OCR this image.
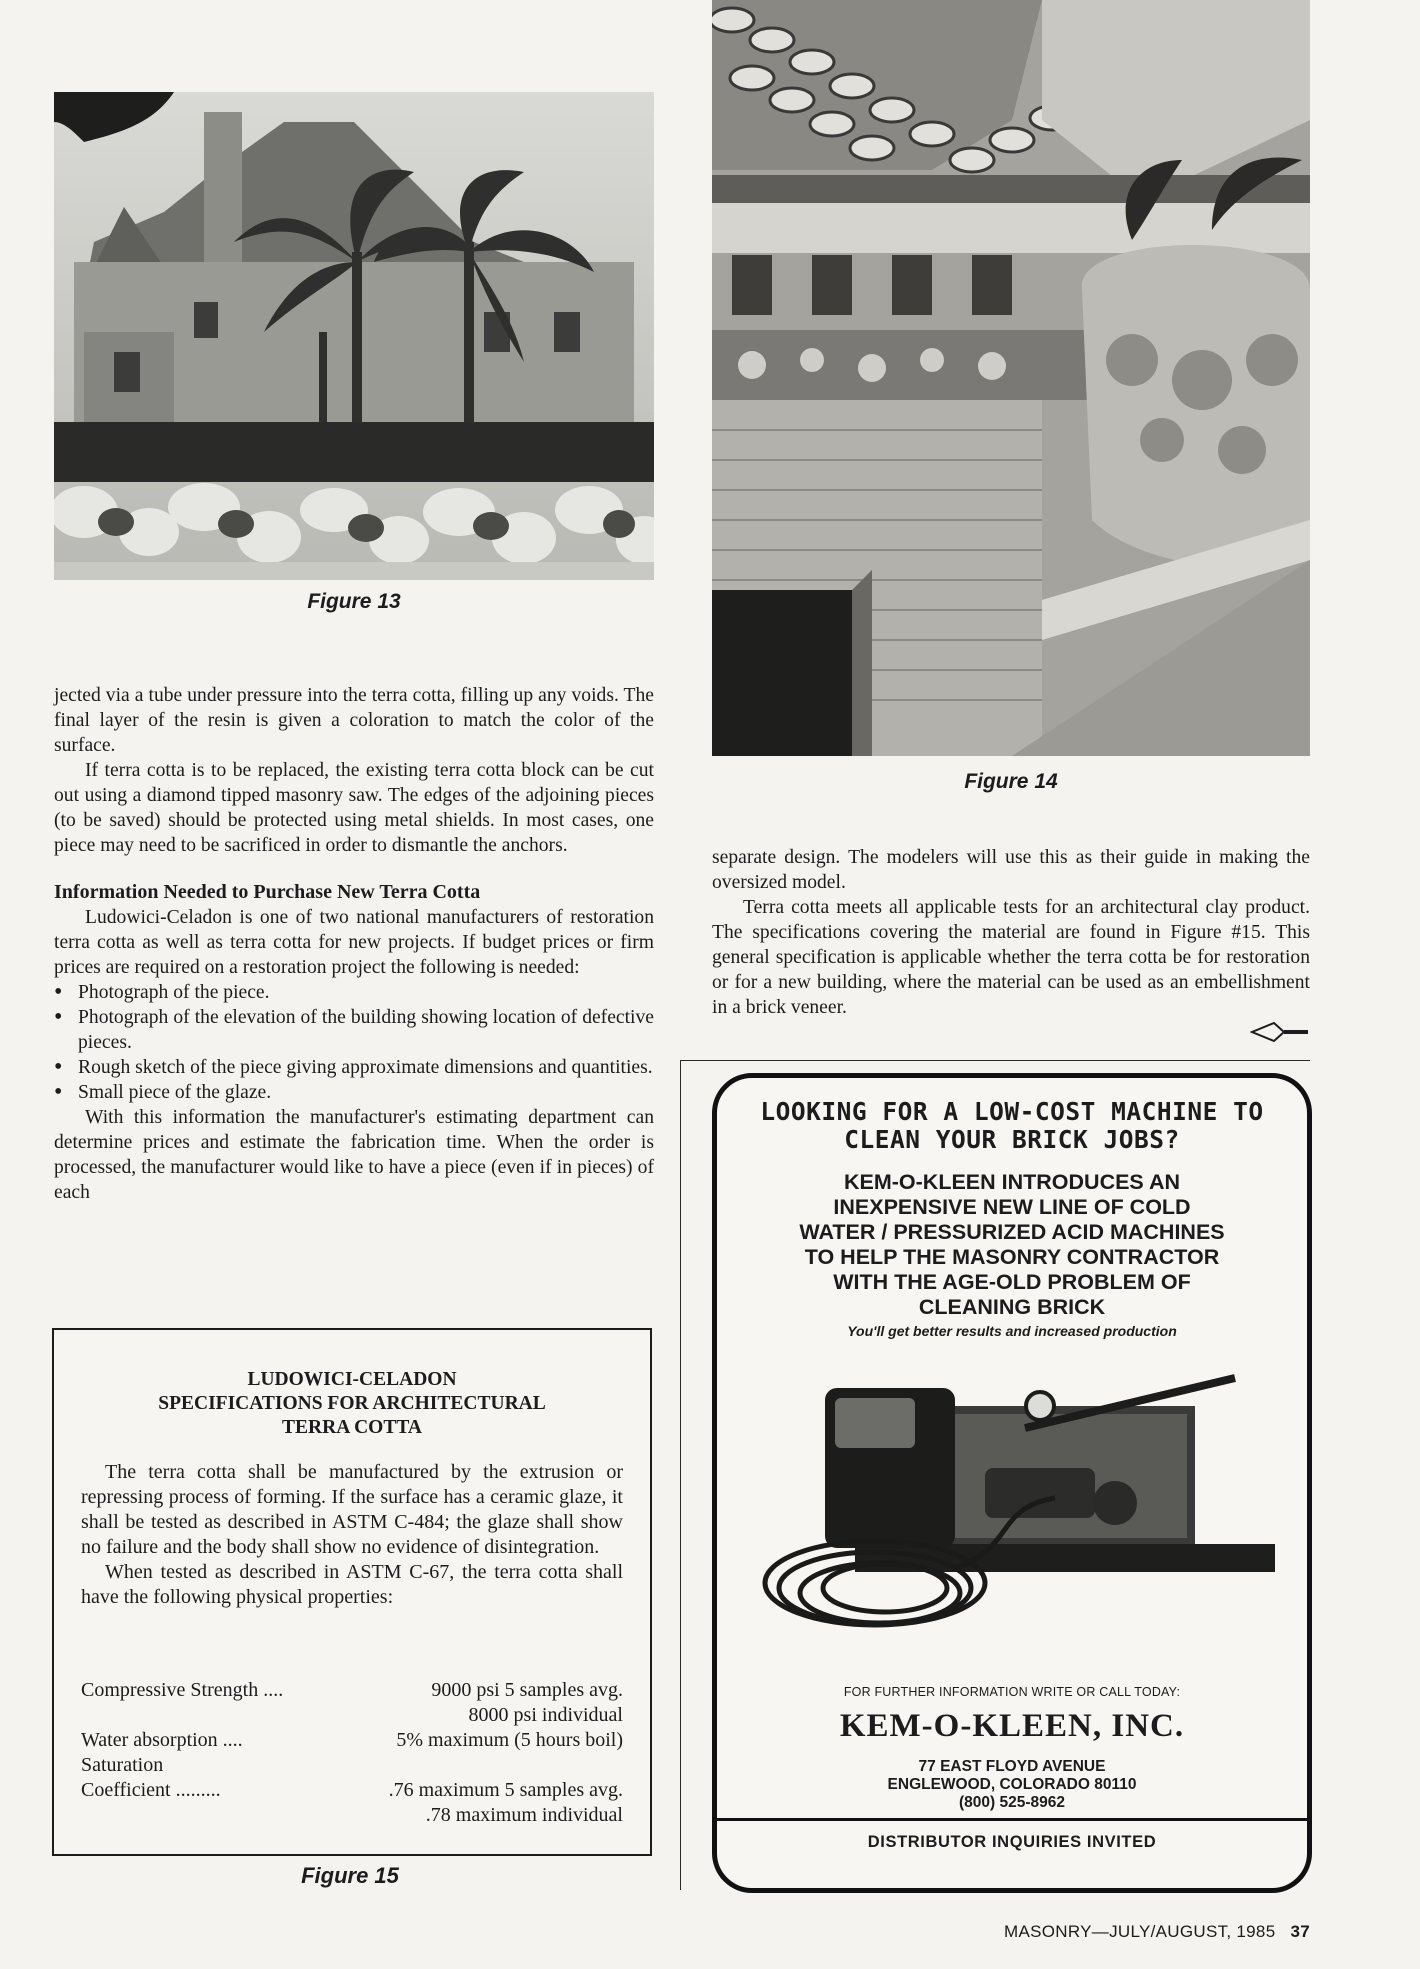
Figure 13
Figure 14

jected via a tube under pressure into the terra cotta, filling up any voids. The final layer of the resin is given a coloration to match the color of the surface.

If terra cotta is to be replaced, the existing terra cotta block can be cut out using a diamond tipped masonry saw. The edges of the adjoining pieces (to be saved) should be protected using metal shields. In most cases, one piece may need to be sacrificed in order to dismantle the anchors.

Information Needed to Purchase New Terra Cotta

Ludowici-Celadon is one of two national manufacturers of restoration terra cotta as well as terra cotta for new projects. If budget prices or firm prices are required on a restoration project the following is needed:

• Photograph of the piece.
• Photograph of the elevation of the building showing location of defective pieces.
• Rough sketch of the piece giving approximate dimensions and quantities.
• Small piece of the glaze.

With this information the manufacturer's estimating department can determine prices and estimate the fabrication time. When the order is processed, the manufacturer would like to have a piece (even if in pieces) of each

LUDOWICI-CELADON
SPECIFICATIONS FOR ARCHITECTURAL
TERRA COTTA

The terra cotta shall be manufactured by the extrusion or repressing process of forming. If the surface has a ceramic glaze, it shall be tested as described in ASTM C-484; the glaze shall show no failure and the body shall show no evidence of disintegration.

When tested as described in ASTM C-67, the terra cotta shall have the following physical properties:

Compressive Strength ....	9000 psi 5 samples avg.
8000 psi individual
Water absorption ....	5% maximum (5 hours boil)
Saturation
Coefficient .........	.76 maximum 5 samples avg.
.78 maximum individual
Figure 15

separate design. The modelers will use this as their guide in making the oversized model.

Terra cotta meets all applicable tests for an architectural clay product. The specifications covering the material are found in Figure #15. This general specification is applicable whether the terra cotta be for restoration or for a new building, where the material can be used as an embellishment in a brick veneer.

LOOKING FOR A LOW-COST MACHINE TO
CLEAN YOUR BRICK JOBS?
KEM-O-KLEEN INTRODUCES AN
INEXPENSIVE NEW LINE OF COLD
WATER / PRESSURIZED ACID MACHINES
TO HELP THE MASONRY CONTRACTOR
WITH THE AGE-OLD PROBLEM OF
CLEANING BRICK
You'll get better results and increased production
FOR FURTHER INFORMATION WRITE OR CALL TODAY:
KEM-O-KLEEN, INC.
77 EAST FLOYD AVENUE
ENGLEWOOD, COLORADO 80110
(800) 525-8962
DISTRIBUTOR INQUIRIES INVITED
MASONRY—JULY/AUGUST, 1985 37
